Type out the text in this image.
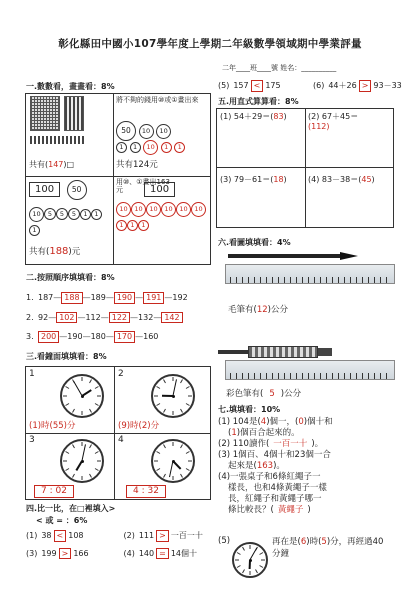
彰化縣田中國小107學年度上學期二年級數學領域期中學業評量
二年____班____號 姓名：__________
一.數數看，畫畫看：8%
共有(147)□
將不夠的錢用⑩或①畫出來
50 10 10
1 1 10 1 1
共有124元
100 50
10 5 5 5 1 1
1
共有(188)元
用⑩、①畫出163元	100
10 10 10 10 10 10
1 1 1
二.按照順序填填看：8%
1. 187— 188 —189— 190 — 191 —192
2. 92— 102 —112— 122 —132— 142
3. 200 —190—180— 170 —160
三.看鐘面填填看：8%
1
(1)時(55)分
2
(9)時(2)分
3
7 : 02
4
4 : 32
四.比一比，在□裡填入>
< 或 = ：6%
(1) 38 < 108	(2) 111 > 一百一十
(3) 199 > 166	(4) 140 = 14個十
(5) 157 < 175	(6) 44＋26 > 93－33
五.用直式算算看：8%
(1) 54＋29＝(83)	(2) 67＋45＝
(112)
(3) 79－61＝(18)	(4) 83－38＝(45)
六.看圖填填看：4%
毛筆有(12)公分
彩色筆有( 5 )公分
七.填填看：10%
(1) 104是(4)個一，(0)個十和
(1)個百合起來的。
(2) 110讀作( 一百一十 )。
(3) 1個百、4個十和23個一合
起來是(163)。
(4)一張桌子和6條紅繩子一
樣長，也和4條黃繩子一樣
長，紅繩子和黃繩子哪一
條比較長？( 黃繩子 )
(5)	再在是(6)時(5)分，再經過40
分鐘
